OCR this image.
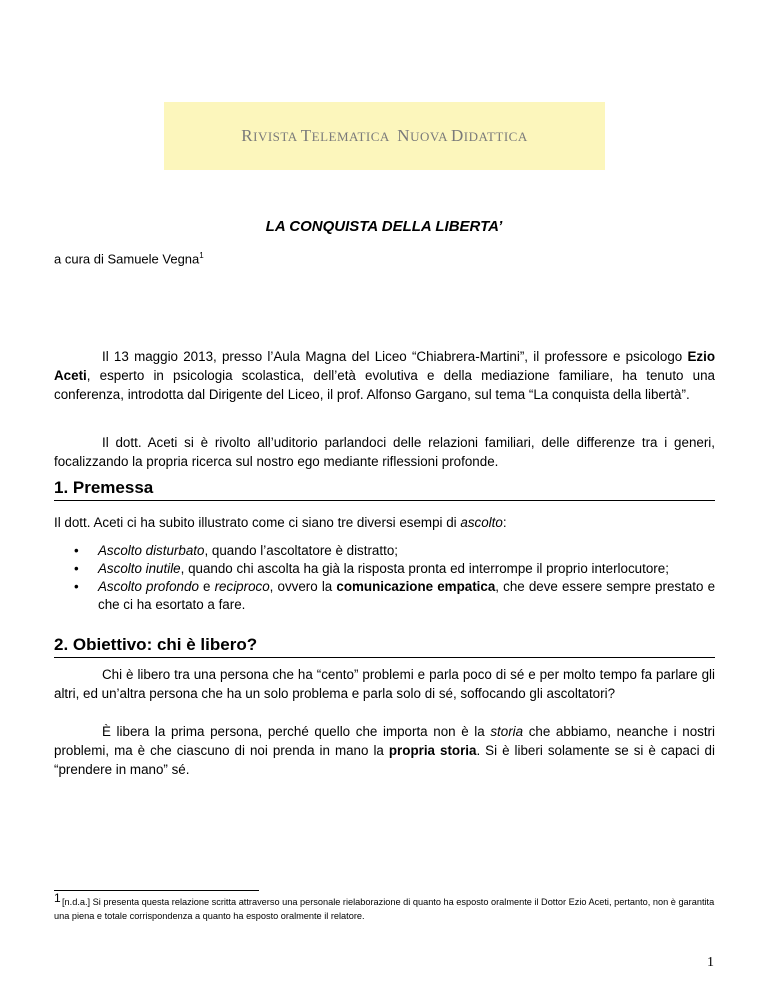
RIVISTA TELEMATICA NUOVA DIDATTICA
LA CONQUISTA DELLA LIBERTA’
a cura di Samuele Vegna$^1$

Il 13 maggio 2013, presso l’Aula Magna del Liceo “Chiabrera-Martini”, il professore e psicologo Ezio Aceti, esperto in psicologia scolastica, dell’età evolutiva e della mediazione familiare, ha tenuto una conferenza, introdotta dal Dirigente del Liceo, il prof. Alfonso Gargano, sul tema “La conquista della libertà”.

Il dott. Aceti si è rivolto all’uditorio parlandoci delle relazioni familiari, delle differenze tra i generi, focalizzando la propria ricerca sul nostro ego mediante riflessioni profonde.

1. Premessa

Il dott. Aceti ci ha subito illustrato come ci siano tre diversi esempi di ascolto:

• Ascolto disturbato, quando l’ascoltatore è distratto;
• Ascolto inutile, quando chi ascolta ha già la risposta pronta ed interrompe il proprio interlocutore;
• Ascolto profondo e reciproco, ovvero la comunicazione empatica, che deve essere sempre prestato e che ci ha esortato a fare.
2. Obiettivo: chi è libero?

Chi è libero tra una persona che ha “cento” problemi e parla poco di sé e per molto tempo fa parlare gli altri, ed un’altra persona che ha un solo problema e parla solo di sé, soffocando gli ascoltatori?

È libera la prima persona, perché quello che importa non è la storia che abbiamo, neanche i nostri problemi, ma è che ciascuno di noi prenda in mano la propria storia. Si è liberi solamente se si è capaci di “prendere in mano” sé.

1 [n.d.a.] Si presenta questa relazione scritta attraverso una personale rielaborazione di quanto ha esposto oralmente il Dottor Ezio Aceti, pertanto, non è garantita una piena e totale corrispondenza a quanto ha esposto oralmente il relatore.
1
